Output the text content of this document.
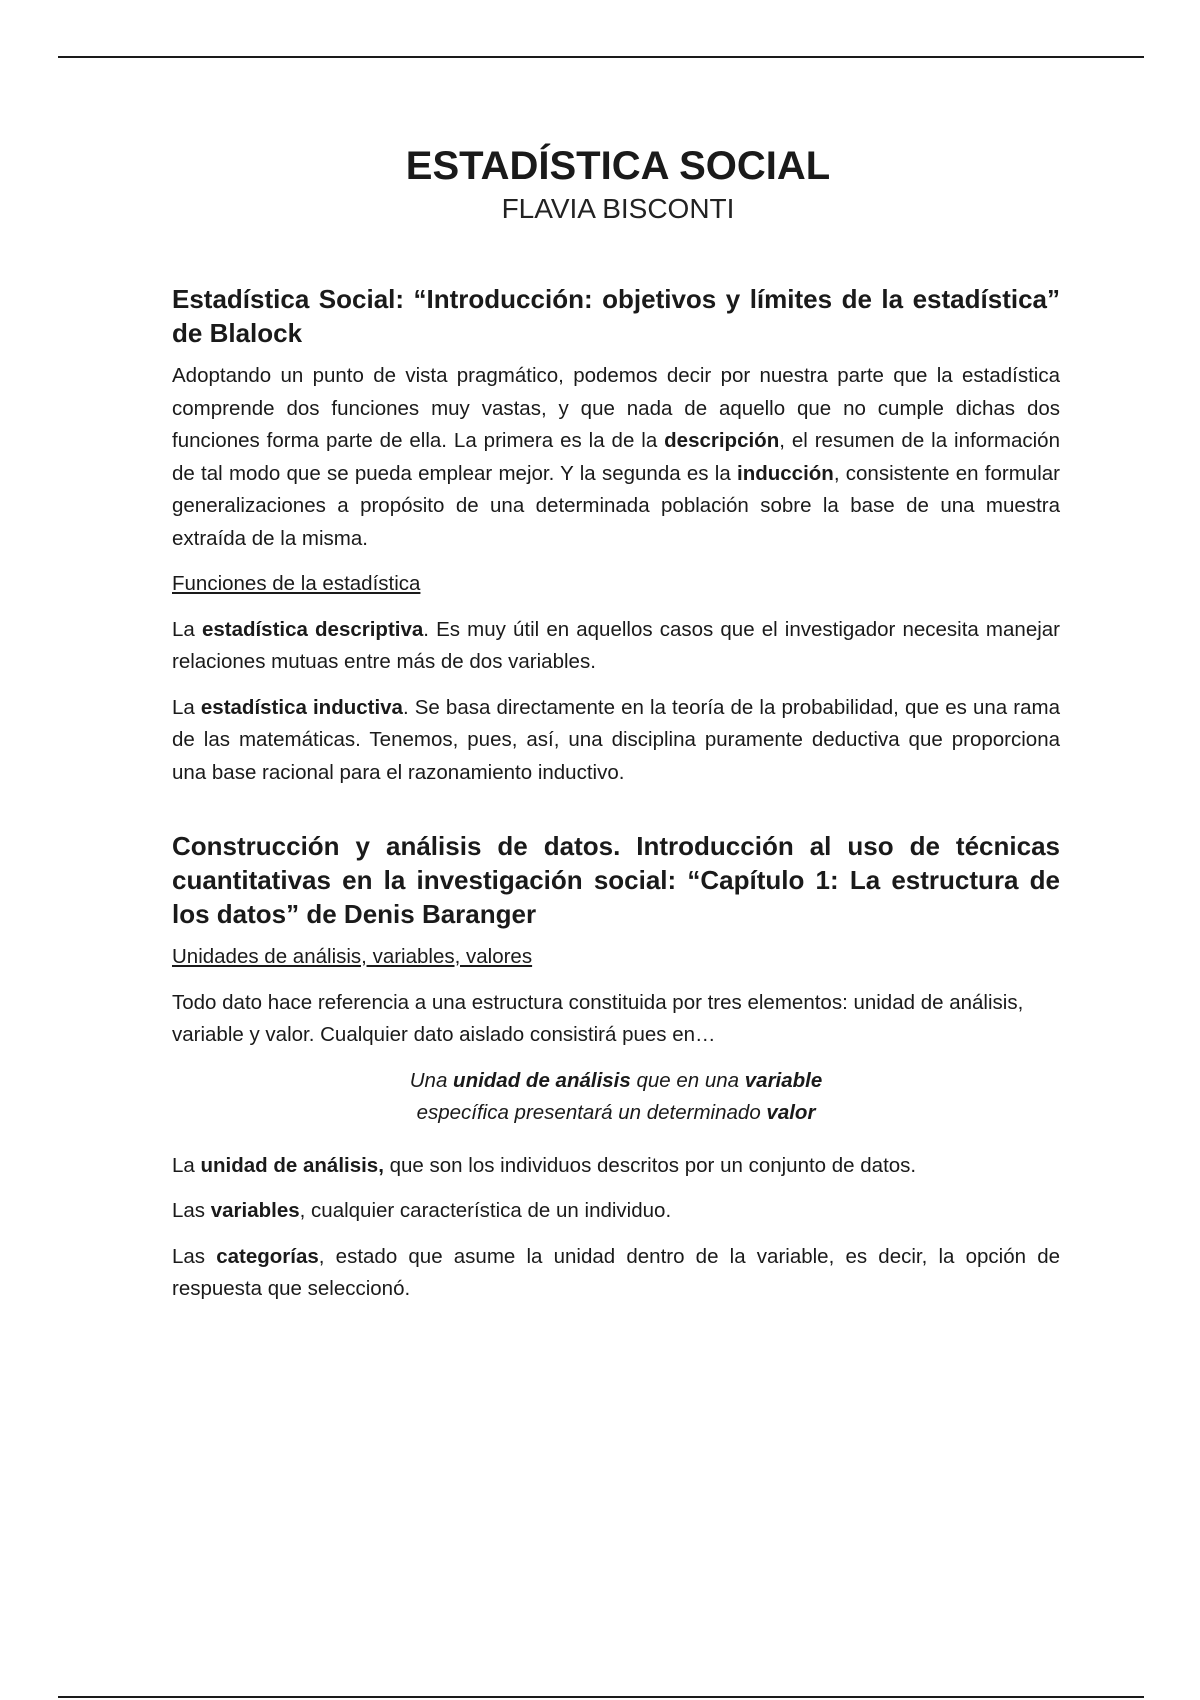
ESTADÍSTICA SOCIAL

FLAVIA BISCONTI

Estadística Social: “Introducción: objetivos y límites de la estadística” de Blalock

Adoptando un punto de vista pragmático, podemos decir por nuestra parte que la estadística comprende dos funciones muy vastas, y que nada de aquello que no cumple dichas dos funciones forma parte de ella. La primera es la de la descripción, el resumen de la información de tal modo que se pueda emplear mejor. Y la segunda es la inducción, consistente en formular generalizaciones a propósito de una determinada población sobre la base de una muestra extraída de la misma.

Funciones de la estadística

La estadística descriptiva. Es muy útil en aquellos casos que el investigador necesita manejar relaciones mutuas entre más de dos variables.

La estadística inductiva. Se basa directamente en la teoría de la probabilidad, que es una rama de las matemáticas. Tenemos, pues, así, una disciplina puramente deductiva que proporciona una base racional para el razonamiento inductivo.

Construcción y análisis de datos. Introducción al uso de técnicas cuantitativas en la investigación social: “Capítulo 1: La estructura de los datos” de Denis Baranger

Unidades de análisis, variables, valores

Todo dato hace referencia a una estructura constituida por tres elementos: unidad de análisis, variable y valor. Cualquier dato aislado consistirá pues en…

Una unidad de análisis que en una variable
específica presentará un determinado valor

La unidad de análisis, que son los individuos descritos por un conjunto de datos.

Las variables, cualquier característica de un individuo.

Las categorías, estado que asume la unidad dentro de la variable, es decir, la opción de respuesta que seleccionó.
